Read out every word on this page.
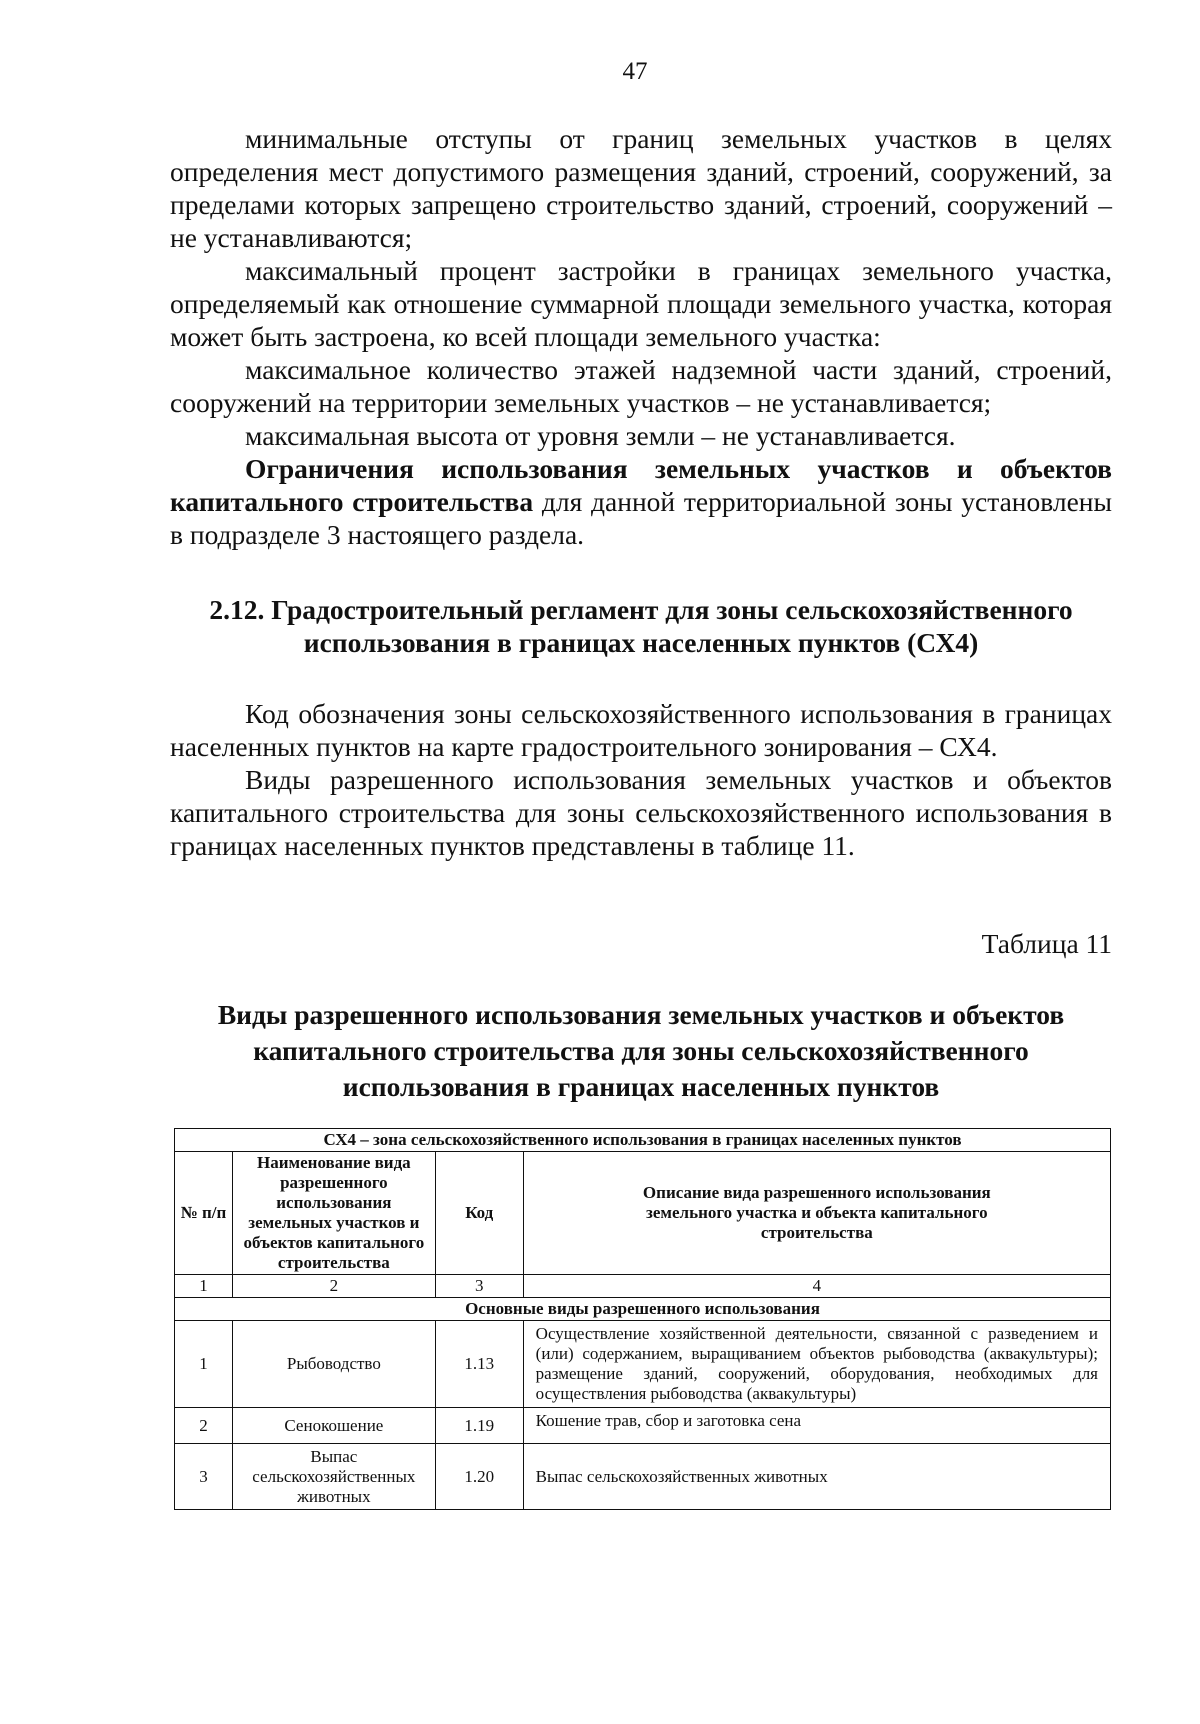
47

минимальные отступы от границ земельных участков в целях определения мест допустимого размещения зданий, строений, сооружений, за пределами которых запрещено строительство зданий, строений, сооружений – не устанавливаются;

максимальный процент застройки в границах земельного участка, определяемый как отношение суммарной площади земельного участка, которая может быть застроена, ко всей площади земельного участка:

максимальное количество этажей надземной части зданий, строений, сооружений на территории земельных участков – не устанавливается;

максимальная высота от уровня земли – не устанавливается.

Ограничения использования земельных участков и объектов капитального строительства для данной территориальной зоны установлены в подразделе 3 настоящего раздела.

2.12. Градостроительный регламент для зоны сельскохозяйственного
использования в границах населенных пунктов (СХ4)

Код обозначения зоны сельскохозяйственного использования в границах населенных пунктов на карте градостроительного зонирования – СХ4.

Виды разрешенного использования земельных участков и объектов капитального строительства для зоны сельскохозяйственного использования в границах населенных пунктов представлены в таблице 11.

Таблица 11
Виды разрешенного использования земельных участков и объектов
капитального строительства для зоны сельскохозяйственного
использования в границах населенных пунктов
СХ4 – зона сельскохозяйственного использования в границах населенных пунктов			
№ п/п	Наименование вида разрешенного использования земельных участков и объектов капитального строительства	Код	Описание вида разрешенного использования земельного участка и объекта капитального строительства
1	2	3	4
Основные виды разрешенного использования			
1	Рыбоводство	1.13	Осуществление хозяйственной деятельности, связанной с разведением и (или) содержанием, выращиванием объектов рыбоводства (аквакультуры); размещение зданий, сооружений, оборудования, необходимых для осуществления рыбоводства (аквакультуры)
2	Сенокошение	1.19	Кошение трав, сбор и заготовка сена
3	Выпас сельскохозяйственных животных	1.20	Выпас сельскохозяйственных животных
